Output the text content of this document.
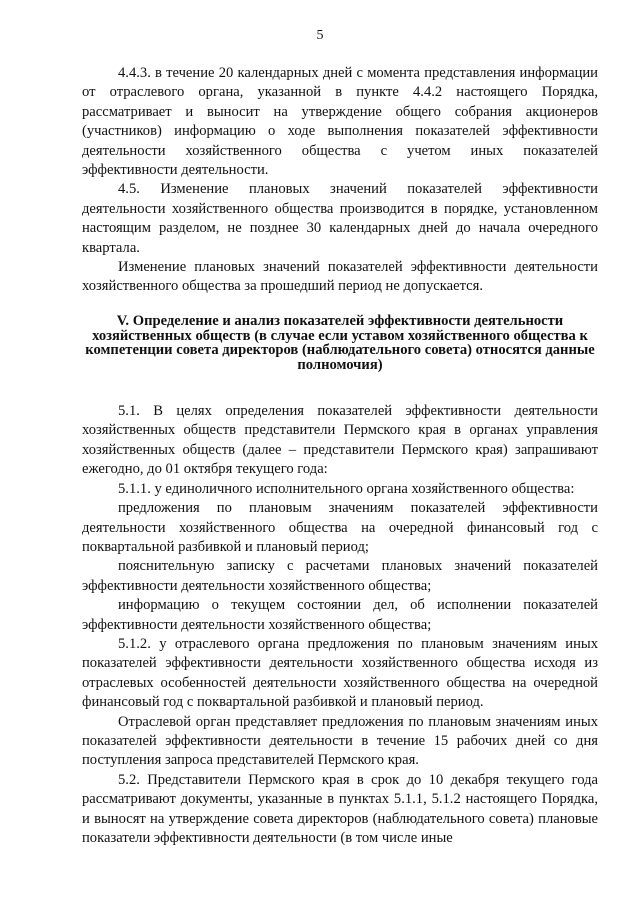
5

4.4.3. в течение 20 календарных дней с момента представления информации от отраслевого органа, указанной в пункте 4.4.2 настоящего Порядка, рассматривает и выносит на утверждение общего собрания акционеров (участников) информацию о ходе выполнения показателей эффективности деятельности хозяйственного общества с учетом иных показателей эффективности деятельности.

4.5. Изменение плановых значений показателей эффективности деятельности хозяйственного общества производится в порядке, установленном настоящим разделом, не позднее 30 календарных дней до начала очередного квартала.

Изменение плановых значений показателей эффективности деятельности хозяйственного общества за прошедший период не допускается.

V. Определение и анализ показателей эффективности деятельности хозяйственных обществ (в случае если уставом хозяйственного общества к компетенции совета директоров (наблюдательного совета) относятся данные полномочия)

5.1. В целях определения показателей эффективности деятельности хозяйственных обществ представители Пермского края в органах управления хозяйственных обществ (далее – представители Пермского края) запрашивают ежегодно, до 01 октября текущего года:

5.1.1. у единоличного исполнительного органа хозяйственного общества:

предложения по плановым значениям показателей эффективности деятельности хозяйственного общества на очередной финансовый год с поквартальной разбивкой и плановый период;

пояснительную записку с расчетами плановых значений показателей эффективности деятельности хозяйственного общества;

информацию о текущем состоянии дел, об исполнении показателей эффективности деятельности хозяйственного общества;

5.1.2. у отраслевого органа предложения по плановым значениям иных показателей эффективности деятельности хозяйственного общества исходя из отраслевых особенностей деятельности хозяйственного общества на очередной финансовый год с поквартальной разбивкой и плановый период.

Отраслевой орган представляет предложения по плановым значениям иных показателей эффективности деятельности в течение 15 рабочих дней со дня поступления запроса представителей Пермского края.

5.2. Представители Пермского края в срок до 10 декабря текущего года рассматривают документы, указанные в пунктах 5.1.1, 5.1.2 настоящего Порядка, и выносят на утверждение совета директоров (наблюдательного совета) плановые показатели эффективности деятельности (в том числе иные
